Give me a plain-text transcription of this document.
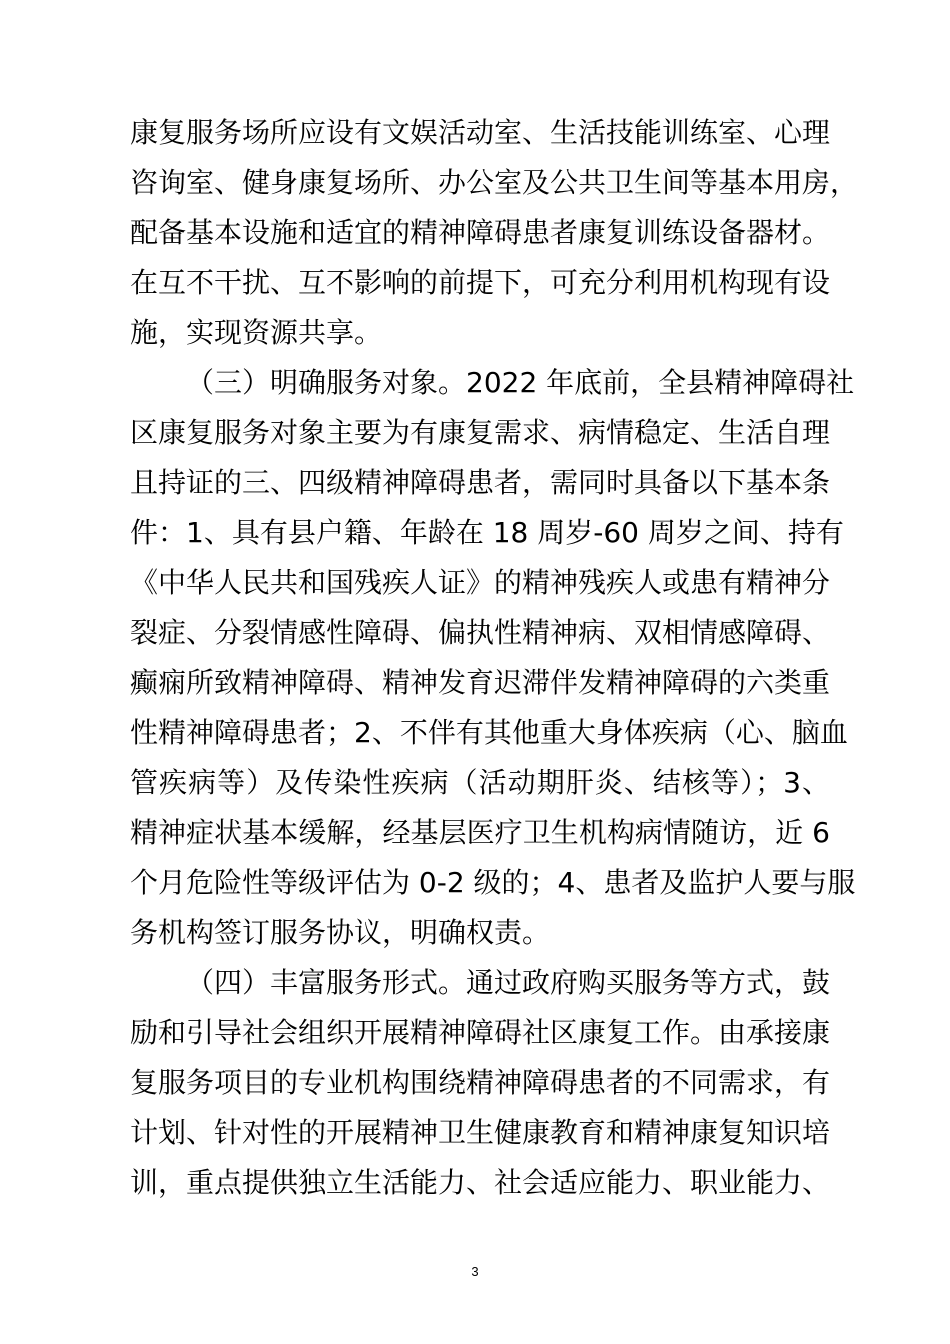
康复服务场所应设有文娱活动室、生活技能训练室、心理
咨询室、健身康复场所、办公室及公共卫生间等基本用房，
配备基本设施和适宜的精神障碍患者康复训练设备器材。
在互不干扰、互不影响的前提下，可充分利用机构现有设
施，实现资源共享。
（三）明确服务对象。2022 年底前，全县精神障碍社
区康复服务对象主要为有康复需求、病情稳定、生活自理
且持证的三、四级精神障碍患者，需同时具备以下基本条
件：1、具有县户籍、年龄在 18 周岁-60 周岁之间、持有
《中华人民共和国残疾人证》的精神残疾人或患有精神分
裂症、分裂情感性障碍、偏执性精神病、双相情感障碍、
癫痫所致精神障碍、精神发育迟滞伴发精神障碍的六类重
性精神障碍患者；2、不伴有其他重大身体疾病（心、脑血
管疾病等）及传染性疾病（活动期肝炎、结核等）；3、
精神症状基本缓解，经基层医疗卫生机构病情随访，近 6
个月危险性等级评估为 0-2 级的；4、患者及监护人要与服
务机构签订服务协议，明确权责。
（四）丰富服务形式。通过政府购买服务等方式，鼓
励和引导社会组织开展精神障碍社区康复工作。由承接康
复服务项目的专业机构围绕精神障碍患者的不同需求，有
计划、针对性的开展精神卫生健康教育和精神康复知识培
训，重点提供独立生活能力、社会适应能力、职业能力、
3
